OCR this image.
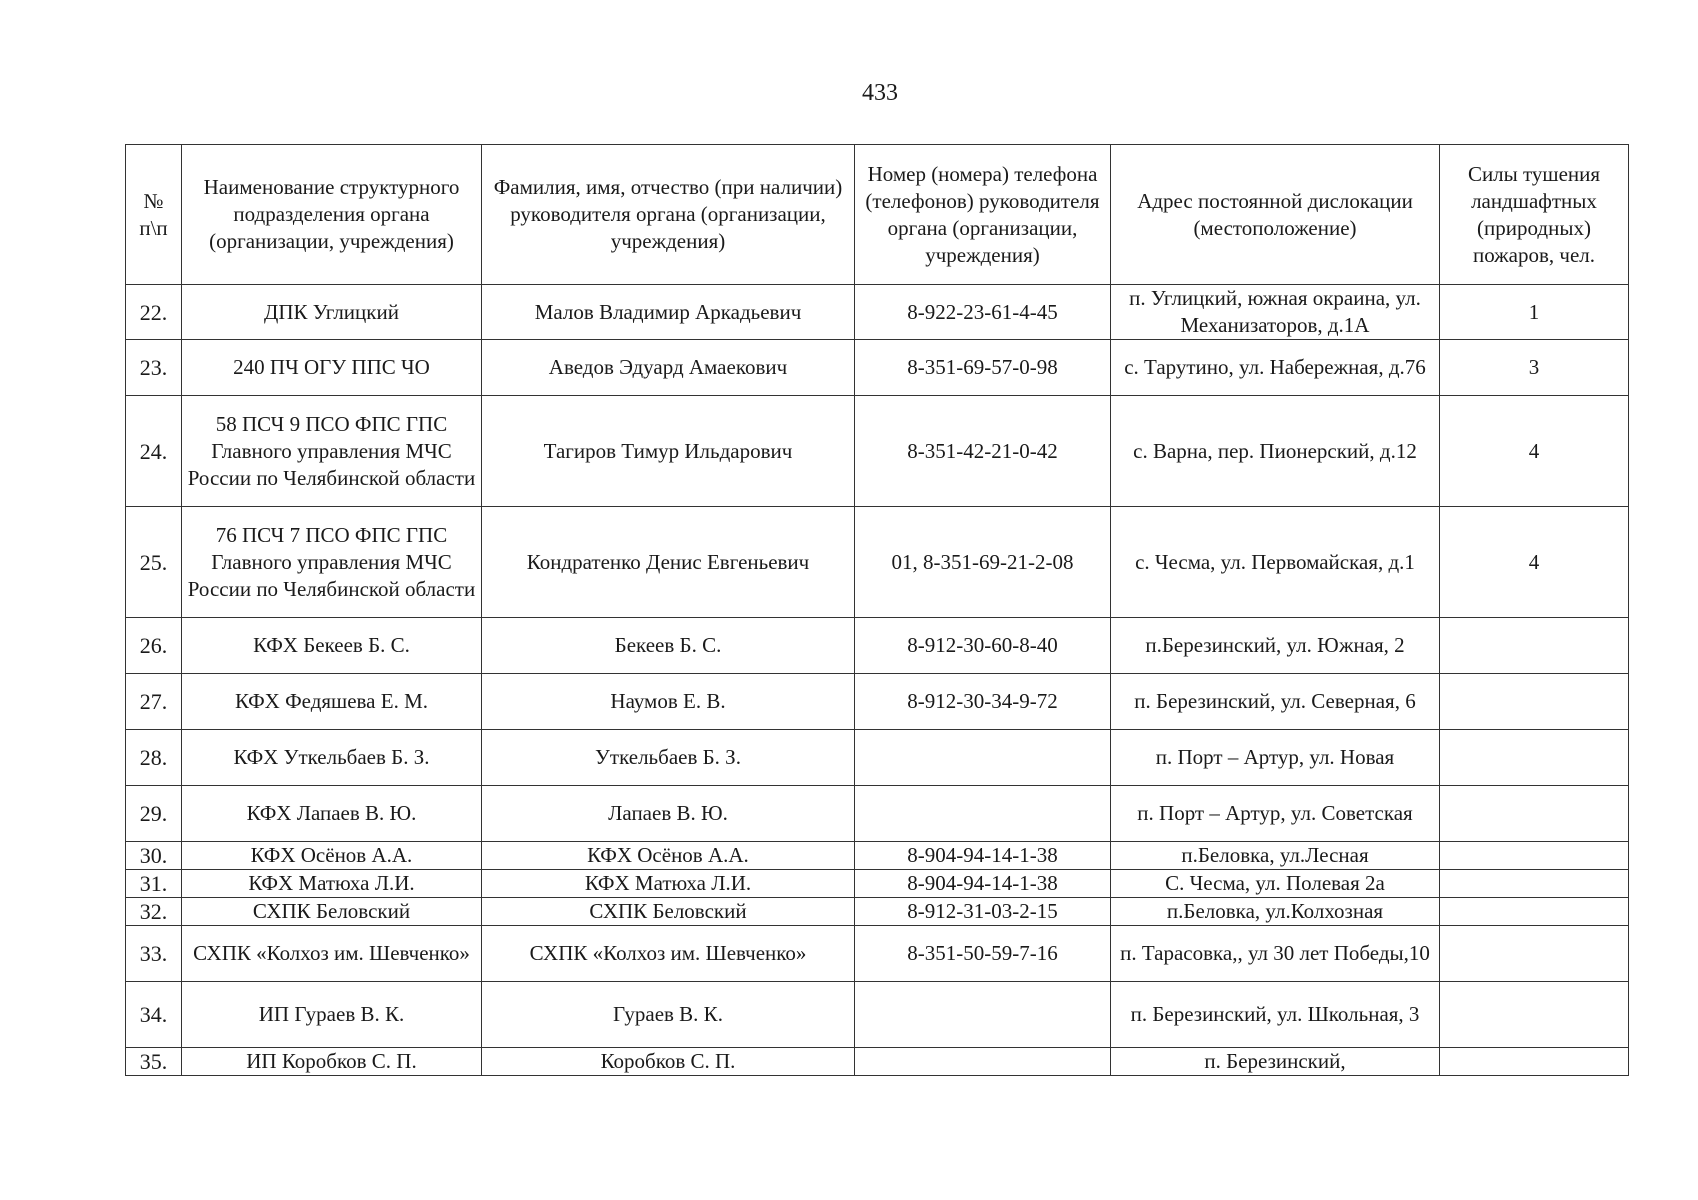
433
№ п\п	Наименование структурного подразделения органа (организации, учреждения)	Фамилия, имя, отчество (при наличии) руководителя органа (организации, учреждения)	Номер (номера) телефона (телефонов) руководителя органа (организации, учреждения)	Адрес постоянной дислокации (местоположение)	Силы тушения ландшафтных (природных) пожаров, чел.
22.	ДПК Углицкий	Малов Владимир Аркадьевич	8-922-23-61-4-45	п. Углицкий, южная окраина, ул. Механизаторов, д.1А	1
23.	240 ПЧ ОГУ ППС ЧО	Аведов Эдуард Амаекович	8-351-69-57-0-98	с. Тарутино, ул. Набережная, д.76	3
24.	58 ПСЧ 9 ПСО ФПС ГПС Главного управления МЧС России по Челябинской области	Тагиров Тимур Ильдарович	8-351-42-21-0-42	с. Варна, пер. Пионерский, д.12	4
25.	76 ПСЧ 7 ПСО ФПС ГПС Главного управления МЧС России по Челябинской области	Кондратенко Денис Евгеньевич	01, 8-351-69-21-2-08	с. Чесма, ул. Первомайская, д.1	4
26.	КФХ Бекеев Б. С.	Бекеев Б. С.	8-912-30-60-8-40	п.Березинский, ул. Южная, 2	
27.	КФХ Федяшева Е. М.	Наумов Е. В.	8-912-30-34-9-72	п. Березинский, ул. Северная, 6	
28.	КФХ Уткельбаев Б. З.	Уткельбаев Б. З.		п. Порт – Артур, ул. Новая	
29.	КФХ Лапаев В. Ю.	Лапаев В. Ю.		п. Порт – Артур, ул. Советская	
30.	КФХ Осёнов А.А.	КФХ Осёнов А.А.	8-904-94-14-1-38	п.Беловка, ул.Лесная	
31.	КФХ Матюха Л.И.	КФХ Матюха Л.И.	8-904-94-14-1-38	С. Чесма, ул. Полевая 2а	
32.	СХПК Беловский	СХПК Беловский	8-912-31-03-2-15	п.Беловка, ул.Колхозная	
33.	СХПК «Колхоз им. Шевченко»	СХПК «Колхоз им. Шевченко»	8-351-50-59-7-16	п. Тарасовка,, ул 30 лет Победы,10	
34.	ИП Гураев В. К.	Гураев В. К.		п. Березинский, ул. Школьная, 3	
35.	ИП Коробков С. П.	Коробков С. П.		п. Березинский,	
